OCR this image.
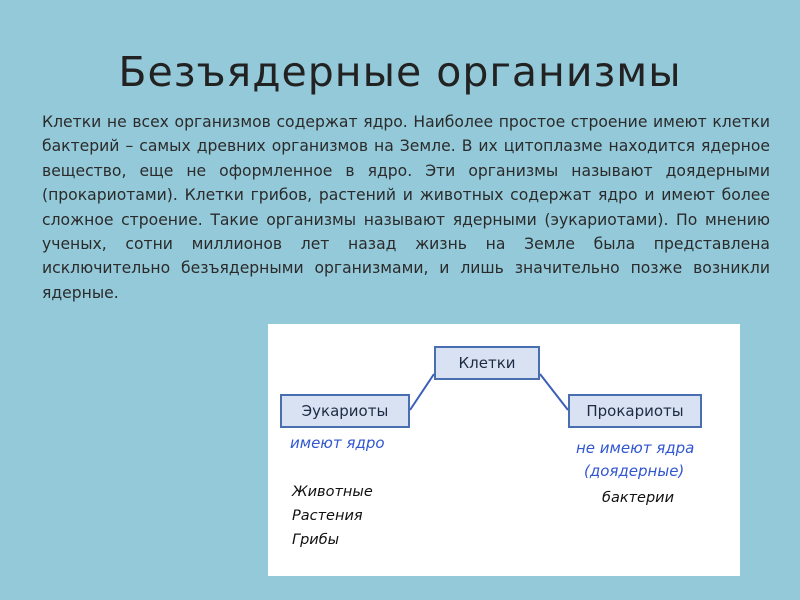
Безъядерные организмы

Клетки не всех организмов содержат ядро. Наиболее простое строение имеют клетки бактерий – самых древних организмов на Земле. В их цитоплазме находится ядерное вещество, еще не оформленное в ядро. Эти организмы называют доядерными (прокариотами). Клетки грибов, растений и животных содержат ядро и имеют более сложное строение. Такие организмы называют ядерными (эукариотами). По мнению ученых, сотни миллионов лет назад жизнь на Земле была представлена исключительно безъядерными организмами, и лишь значительно позже возникли ядерные.

Клетки
Эукариоты	Прокариоты
имеют ядро	не имеют ядра
(доядерные)
Животные
Растения
Грибы
бактерии
